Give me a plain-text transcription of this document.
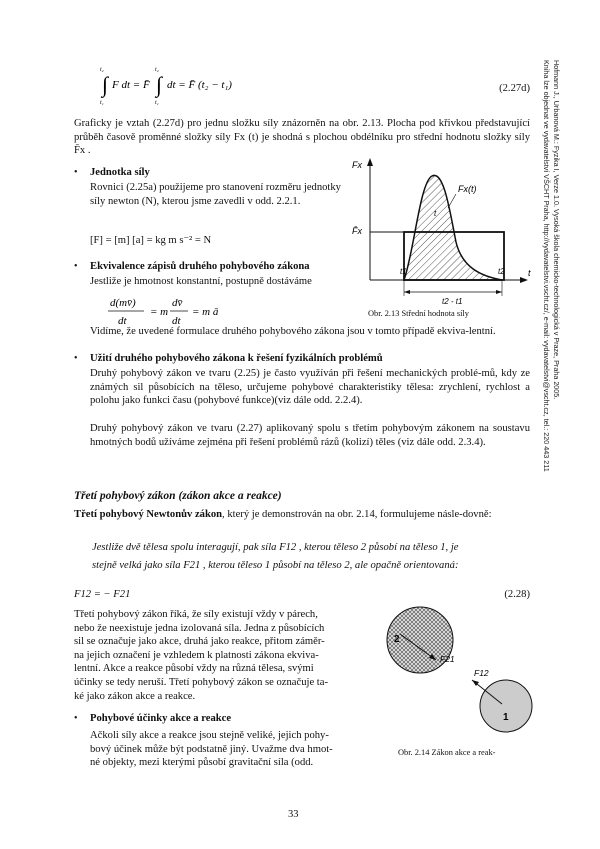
∫
t₂
t₁
F dt = F̄ ∫
t₂
t₁
dt = F̄ (t₂ − t₁)	(2.27d)
Graficky je vztah (2.27d) pro jednu složku síly znázorněn na obr. 2.13. Plocha pod křivkou představující průběh časově proměnné složky síly Fx (t) je shodná s plochou obdélníku pro střední hodnotu složky síly F̄x .
• Jednotka síly
Rovnici (2.25a) použijeme pro stanovení rozměru jednotky síly newton (N), kterou jsme zavedli v odd. 2.2.1.
[F] = [m] [a] = kg m s⁻² = N
• Ekvivalence zápisů druhého pohybového zákona
Jestliže je hmotnost konstantní, postupně dostáváme
d(mv̄)
dt
= m
dv̄
dt
= m ā
Vidíme, že uvedené formulace druhého pohybového zákona jsou v tomto případě ekviva-lentní.
Fx
Fx(t)
t
F̄x
t1	t2	t
t2 - t1
Obr. 2.13 Střední hodnota síly
• Užití druhého pohybového zákona k řešení fyzikálních problémů
Druhý pohybový zákon ve tvaru (2.25) je často využíván při řešení mechanických problé-mů, kdy ze známých sil působících na těleso, určujeme pohybové charakteristiky tělesa: zrychlení, rychlost a polohu jako funkci času (pohybové funkce)(viz dále odd. 2.2.4).
Druhý pohybový zákon ve tvaru (2.27) aplikovaný spolu s třetím pohybovým zákonem na soustavu hmotných bodů užíváme zejména při řešení problémů rázů (kolizí) těles (viz dále odd. 2.3.4).
Třetí pohybový zákon (zákon akce a reakce)
Třetí pohybový Newtonův zákon, který je demonstrován na obr. 2.14, formulujeme násle-dovně:
Jestliže dvě tělesa spolu interagují, pak síla F12 , kterou těleso 2 působí na těleso 1, je
stejně velká jako síla F21 , kterou těleso 1 působí na těleso 2, ale opačně orientovaná:
F12 = − F21	(2.28)
Třetí pohybový zákon říká, že síly existují vždy v párech,
nebo že neexistuje jedna izolovaná síla. Jedna z působících
sil se označuje jako akce, druhá jako reakce, přitom záměr-
na jejich označení je vzhledem k platnosti zákona ekviva-
lentní. Akce a reakce působí vždy na různá tělesa, svými
účinky se tedy neruší. Třetí pohybový zákon se označuje ta-
ké jako zákon akce a reakce.
• Pohybové účinky akce a reakce
Ačkoli síly akce a reakce jsou stejně veliké, jejich pohy-
bový účinek může být podstatně jiný. Uvažme dva hmot-
né objekty, mezi kterými působí gravitační síla (odd.
2
1
F21
F12
Obr. 2.14 Zákon akce a reak-
33
Hofmann J., Urbanová M.: Fyzika I, Verze 1.0. Vysoká škola chemicko-technologická v Praze, Praha 2005.
Kniha lze objednat ve vydavatelství VŠCHT Praha, http://vydavatelstvi.vscht.cz/, e-mail: vydavatelstvi@vscht.cz, tel.: 220 443 211
